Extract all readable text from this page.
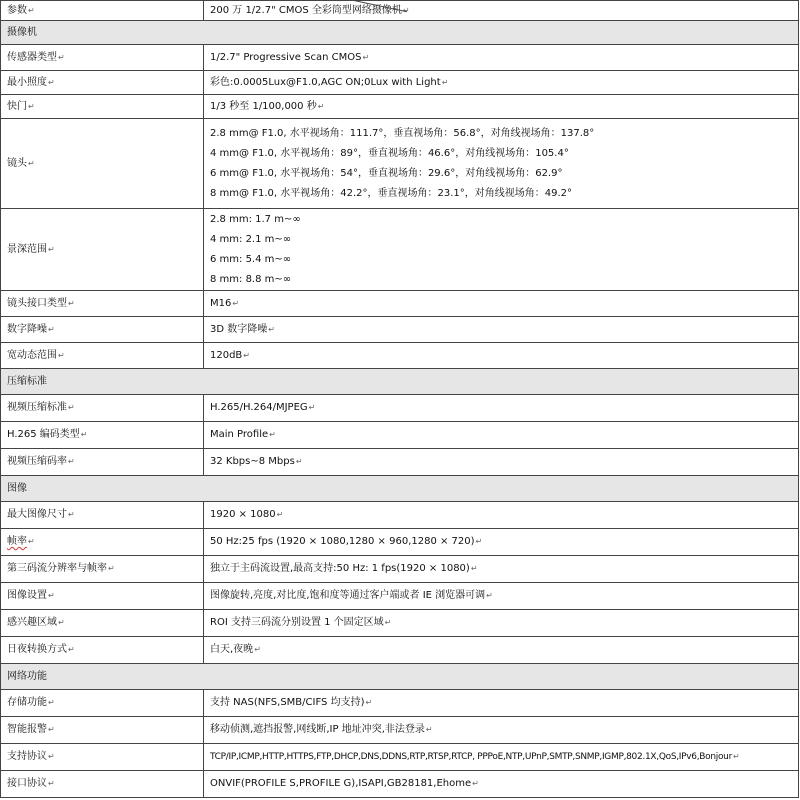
参数↵	200 万 1/2.7" CMOS 全彩筒型网络摄像机↵
摄像机	
传感器类型↵	1/2.7" Progressive Scan CMOS↵
最小照度↵	彩色:0.0005Lux@F1.0,AGC ON;0Lux with Light↵
快门↵	1/3 秒至 1/100,000 秒↵
镜头↵	2.8 mm@ F1.0, 水平视场角：111.7°，垂直视场角：56.8°，对角线视场角：137.8°
4 mm@ F1.0, 水平视场角：89°，垂直视场角：46.6°，对角线视场角：105.4°
6 mm@ F1.0, 水平视场角：54°，垂直视场角：29.6°，对角线视场角：62.9°
8 mm@ F1.0, 水平视场角：42.2°，垂直视场角：23.1°，对角线视场角：49.2°

景深范围↵	2.8 mm: 1.7 m~∞
4 mm: 2.1 m~∞
6 mm: 5.4 m~∞
8 mm: 8.8 m~∞

镜头接口类型↵	M16↵
数字降噪↵	3D 数字降噪↵
宽动态范围↵	120dB↵
压缩标准	
视频压缩标准↵	H.265/H.264/MJPEG↵
H.265 编码类型↵	Main Profile↵
视频压缩码率↵	32 Kbps~8 Mbps↵
图像	
最大图像尺寸↵	1920 × 1080↵
帧率↵	50 Hz:25 fps (1920 × 1080,1280 × 960,1280 × 720)↵
第三码流分辨率与帧率↵	独立于主码流设置,最高支持:50 Hz: 1 fps(1920 × 1080)↵
图像设置↵	图像旋转,亮度,对比度,饱和度等通过客户端或者 IE 浏览器可调↵
感兴趣区域↵	ROI 支持三码流分别设置 1 个固定区域↵
日夜转换方式↵	白天,夜晚↵
网络功能	
存储功能↵	支持 NAS(NFS,SMB/CIFS 均支持)↵
智能报警↵	移动侦测,遮挡报警,网线断,IP 地址冲突,非法登录↵
支持协议↵	TCP/IP,ICMP,HTTP,HTTPS,FTP,DHCP,DNS,DDNS,RTP,RTSP,RTCP, PPPoE,NTP,UPnP,SMTP,SNMP,IGMP,802.1X,QoS,IPv6,Bonjour↵
接口协议↵	ONVIF(PROFILE S,PROFILE G),ISAPI,GB28181,Ehome↵
